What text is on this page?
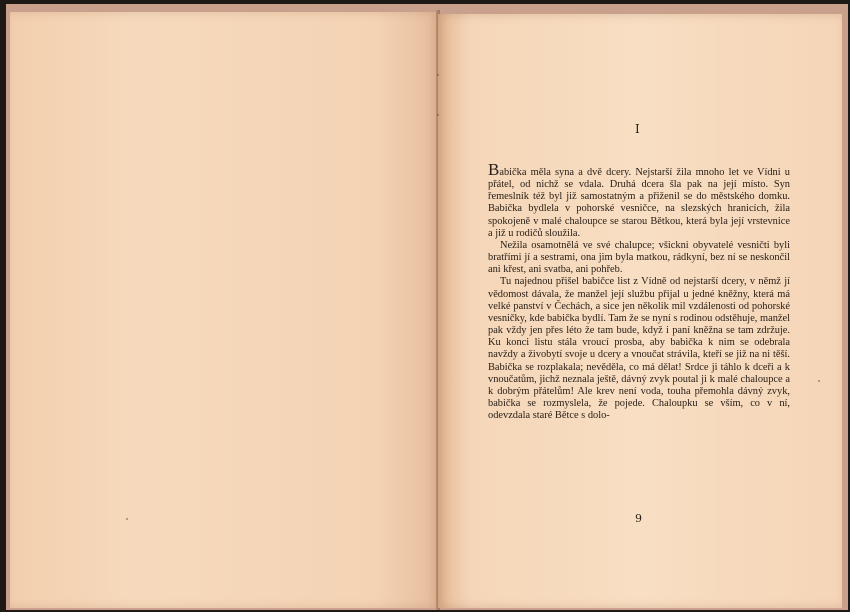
I

Babička měla syna a dvě dcery. Nejstarší žila mnoho let ve Vídni u přátel, od nichž se vdala. Druhá dcera šla pak na její místo. Syn řemeslník též byl již samostatným a přiženil se do městského domku. Babička bydlela v pohorské vesničce, na slezských hranicích, žila spokojeně v malé chaloupce se starou Bětkou, která byla její vrstevnice a již u rodičů sloužila.

Nežila osamotnělá ve své chalupce; všickni obyvatelé vesničti byli bratřími jí a sestrami, ona jim byla matkou, rádkyní, bez ní se neskončil ani křest, ani svatba, ani pohřeb.

Tu najednou přišel babičce list z Vídně od nejstarší dcery, v němž jí vědomost dávala, že manžel její službu přijal u jedné kněžny, která má velké panství v Čechách, a sice jen několik mil vzdálenosti od pohorské vesničky, kde babička bydlí. Tam že se nyní s rodinou odstěhuje, manžel pak vždy jen přes léto že tam bude, když i paní kněžna se tam zdržuje. Ku konci listu stála vroucí prosba, aby babička k nim se odebrala navždy a živobytí svoje u dcery a vnoučat strávila, kteří se již na ni těší. Babička se rozplakala; nevěděla, co má dělat! Srdce ji táhlo k dceři a k vnoučatům, jichž neznala ještě, dávný zvyk poutal ji k malé chaloupce a k dobrým přátelům! Ale krev není voda, touha přemohla dávný zvyk, babička se rozmyslela, že pojede. Chaloupku se vším, co v ní, odevzdala staré Bětce s dolo-

9
